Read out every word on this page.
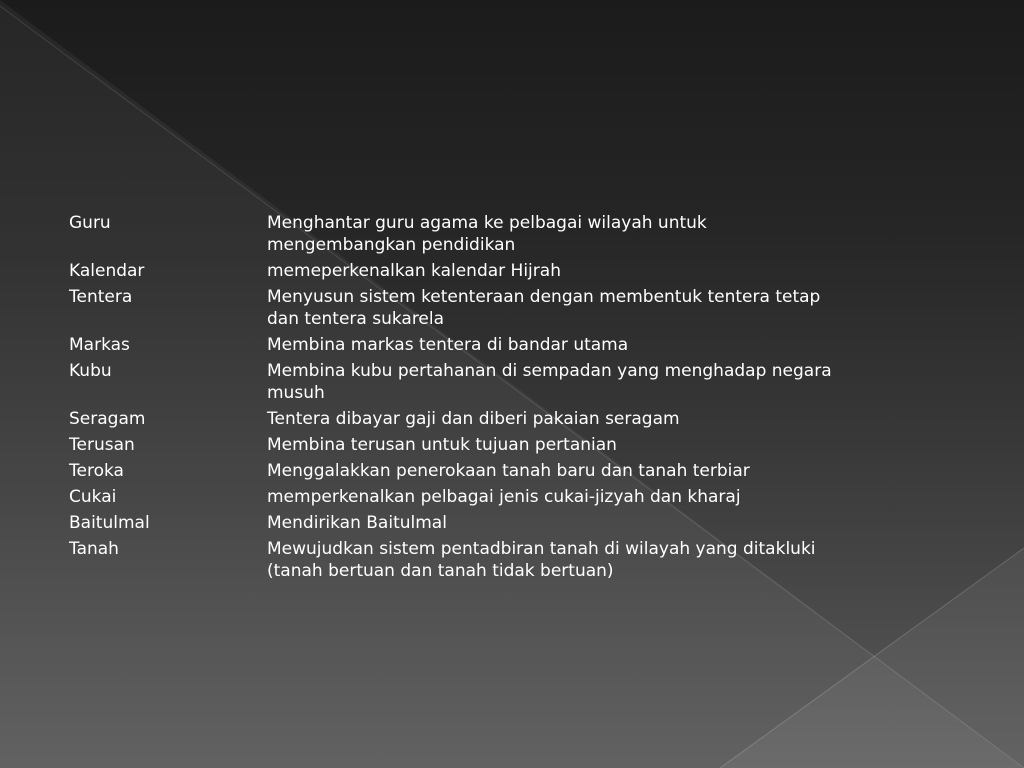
Guru	Menghantar guru agama ke pelbagai wilayah untuk mengembangkan pendidikan
Kalendar	memeperkenalkan kalendar Hijrah
Tentera	Menyusun sistem ketenteraan dengan membentuk tentera tetap dan tentera sukarela
Markas	Membina markas tentera di bandar utama
Kubu	Membina kubu pertahanan di sempadan yang menghadap negara musuh
Seragam	Tentera dibayar gaji dan diberi pakaian seragam
Terusan	Membina terusan untuk tujuan pertanian
Teroka	Menggalakkan penerokaan tanah baru dan tanah terbiar
Cukai	memperkenalkan pelbagai jenis cukai-jizyah dan kharaj
Baitulmal	Mendirikan Baitulmal
Tanah	Mewujudkan sistem pentadbiran tanah di wilayah yang ditakluki (tanah bertuan dan tanah tidak bertuan)
